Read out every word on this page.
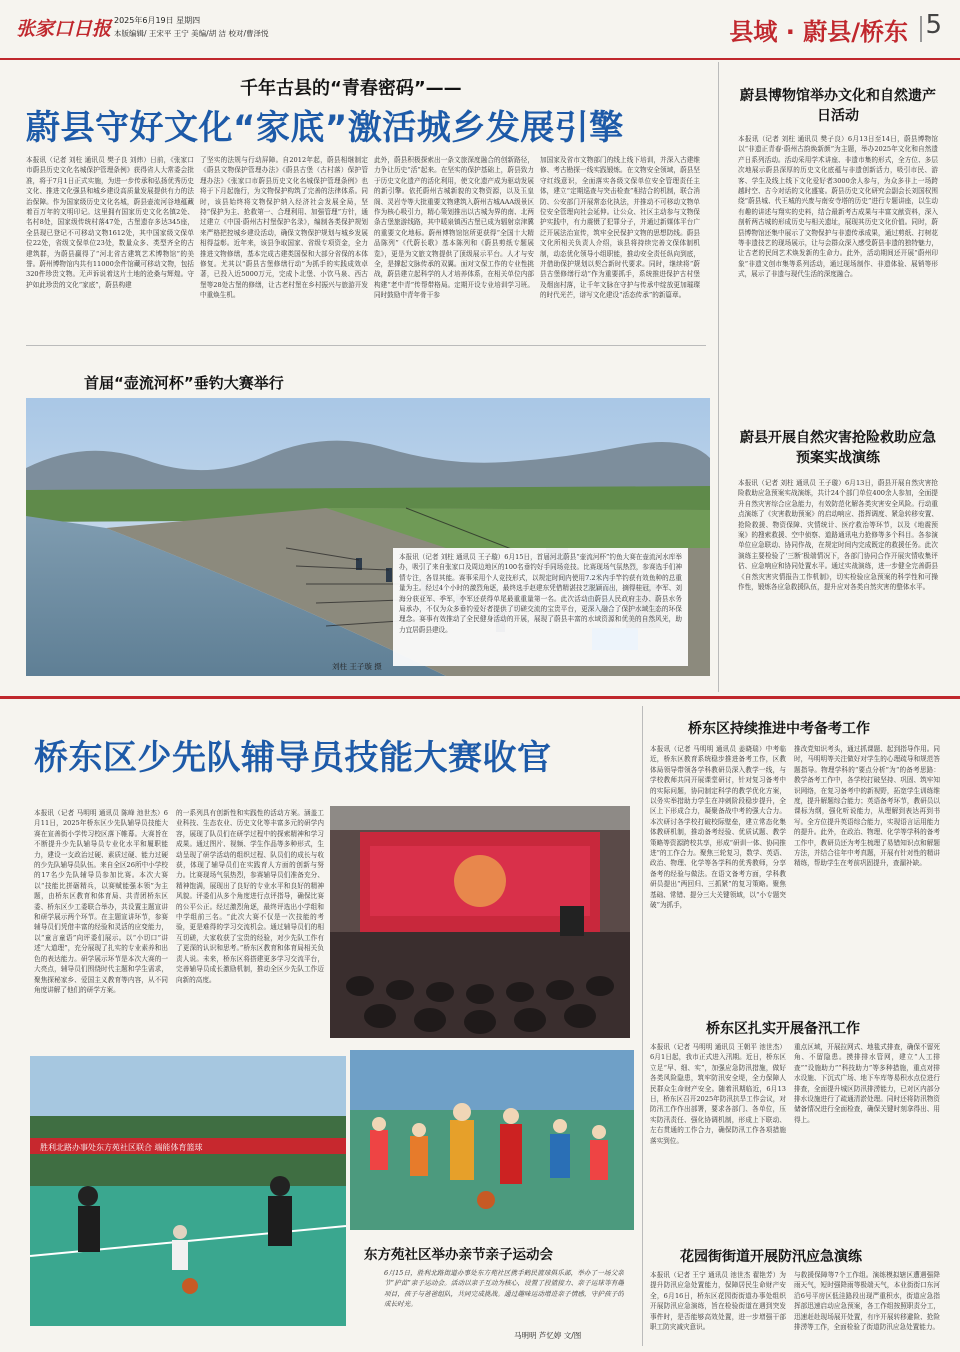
张家口日报 2025年6月19日 星期四
本版编辑/ 王宋平 王宁 美编/胡 洁 校对/曹泽悦	县域 · 蔚县/桥东 5
千年古县的“青春密码”——
蔚县守好文化“家底”激活城乡发展引擎
本报讯（记者 刘柱 通讯员 樊子良 刘炜）日前，《张家口市蔚县历史文化名城保护管理条例》获得省人大常委会批准，将于7月1日正式实施，为进一步传承和弘扬优秀历史文化、推进文化强县和城乡建设高质量发展提供有力的法治保障。作为国家级历史文化名城，蔚县壶流河谷地蕴藏着百万年的文明印记。这里拥有国家历史文化名镇2处、名村8处，国家级传统村落47处，古堡遗存多达345座，全县现已登记不可移动文物1612处，其中国家级文保单位22处，省级文保单位23处，数量众多、类型齐全的古建筑群，为蔚县赢得了“河北省古建筑艺术博物馆”的美誉。蔚州博物馆内共有11000余件馆藏可移动文物，包括320件珍贵文物。无声诉说着这片土地的沧桑与辉煌。守护如此珍贵的文化“家底”，蔚县构建
了坚实的法规与行动屏障。自2012年起，蔚县相继制定《蔚县文物保护管理办法》《蔚县古堡（古村落）保护管理办法》《张家口市蔚县历史文化名城保护管理条例》也将于下月起施行，为文物保护构筑了完善的法律体系。同时，该县始终将文物保护纳入经济社会发展全局，坚持“保护为主、抢救第一、合理利用、加强管理”方针，通过建立《中国·蔚州古村堡保护名录》，编制各类保护规划来严格把控城乡建设活动，确保文物保护规划与城乡发展相得益彰。近年来，该县争取国家、省级专项资金，全力推进文物修缮，基本完成古建类国保和大部分省保的本体修复。尤其以“蔚县古堡修缮行动”为抓手的实践成效卓著，已投入近5000万元，完成卜北堡、小饮马泉、西古堡等28处古堡的修缮，让古老村堡在乡村振兴与旅游开发中重焕生机。
此外，蔚县积极探索出一条文旅深度融合的创新路径，力争让历史“活”起来。在坚实的保护基础上，蔚县致力于历史文化遗产的活化利用，使文化遗产成为驱动发展的新引擎。依托蔚州古城新貌的文物资源，以及玉皇阁、灵岩寺等大批重要文物建筑入蔚州古城AAA级景区作为核心吸引力，精心策划推出以古城为界的南、北两条古堡旅游线路，其中暖泉镇西古堡已成为辐射京津冀的重要文化地标。蔚州博物馆馆所更获得“全国十大精品陈列”《代蔚长歌》基本陈列和《蔚县剪纸专题展览》，更是为文旅文物提供了顶级展示平台。人才与安全，是撑起文脉传承的双翼。面对文保工作的专业性挑战，蔚县建立起科学的人才培养体系，在相关单位内部构建“老中青”传帮带格局。定期开设专业培训学习班。同时鼓励中青年骨干参
加国家及省市文物部门的线上线下培训，并深入古建维修、考古勘探一线实践锻炼。在文物安全领域，蔚县坚守红线意识，全面落实各级文保单位安全管理责任主体，建立“定期巡查与突击检查”相结合的机制，联合消防、公安部门开展常态化执法，并推动不可移动文物单位安全管理向社会延伸。让公众、社区主动参与文物保护实践中，有力震慑了犯罪分子，并通过新媒体平台广泛开展法治宣传，筑牢全民保护文物的思想防线。蔚县文化所相关负责人介绍，该县将持续完善文保体制机制，动态优化领导小组职能，推动安全责任纵向到底，并借助保护规划以契合新时代要求。同时，继续将“蔚县古堡修缮行动”作为重要抓手，系统推进保护古村堡及烟囱村落，让千年文脉在守护与传承中绽放更加璀璨的时代光芒，谱写文化建设“活态传承”的新篇章。
首届“壶流河杯”垂钓大赛举行
本报讯（记者 刘柱 通讯员 王子璇）6月15日，首届河北蔚县“壶流河杯”钓鱼大赛在壶流河水库举办，吸引了来自张家口及周边地区的100名垂钓好手同场竞技。比赛现场气氛热烈，参赛选手们神情专注，各显其能。赛事采用个人竞技形式，以规定时间内使用7.2米内手竿钓获有效鱼种的总重量为主。经过4个小时的激烈角逐，最终选手赵建东凭借精湛技艺脱颖而出，摘得桂冠，李军、刘海分获亚军、季军，李军还获得单尾最重重量第一名。此次活动由蔚县人民政府主办、蔚县水务局承办，不仅为众多垂钓爱好者提供了切磋交流的宝贵平台，更深入融合了保护水域生态的环保理念。赛事有效推动了全民健身活动的开展，展现了蔚县丰富的水域资源和优美的自然风光，助力宜居蔚县建设。
刘柱 王子璇 摄
蔚县博物馆举办文化和自然遗产日活动
本报讯（记者 刘柱 通讯员 樊子良）6月13日至14日，蔚县博物馆以“非遗正青春·蔚州古韵焕新颜”为主题，举办2025年文化和自然遗产日系列活动。活动采用学术讲座、非遗市集的形式，全方位、多层次地展示蔚县深厚的历史文化底蕴与非遗创新活力，吸引市民、游客、学生及线上线下文化爱好者3000余人参与，为众多非上一场跨越时空、古今对话的文化盛宴。蔚县历史文化研究会副会长刘国权围绕“蔚县城、代王城的兴废与南安寺塔的历史”进行专题讲座，以生动有趣的讲述与翔实的史料，结合最新考古成果与丰富文献资料，深入剖析两古城的形成历史与相关遗址，展现其历史文化价值。同时，蔚县博物馆还集中展示了文物保护与非遗传承成果，通过剪纸、打树花等非遗技艺的现场展示，让与会群众深入感受蔚县非遗的独特魅力，让古老的民间艺术焕发新的生命力。此外，活动期间还开展“蔚州印象”非遗文创市集等系列活动，通过现场制作、非遗体验、展销等形式，展示了非遗与现代生活的深度融合。
蔚县开展自然灾害抢险救助应急预案实战演练
本报讯（记者 刘柱 通讯员 王子璇）6月13日，蔚县开展自然灾害抢险救助应急预案实战演练，共计24个部门单位400余人参加，全面提升自然灾害综合应急能力，有效防范化解各类灾害安全风险。行动重点演练了《灾害救助预案》的启动响应、指挥调度、紧急转移安置、抢险救援、物资保障、灾情统计、医疗救治等环节，以及《地震预案》的搜索救援、空中侦察、道路通讯电力抢修等多个科目。各参演单位应急联动、协同作战，在规定时间内完成既定的救援任务。此次演练主要检验了‘三断’极端情况下，各部门协同合作开展灾情收集评估、应急响应和协同处置水平。通过实战演练，进一步健全完善蔚县《自然灾害灾情报告工作机制》，切实检验应急预案的科学性和可操作性，锻炼各应急救援队伍，提升应对各类自然灾害的整体水平。
桥东区少先队辅导员技能大赛收官
本报讯（记者 马明明 通讯员 陈峰 池世杰）6月11日，2025年桥东区少先队辅导员技能大赛在宣善街小学传习校区落下帷幕。大赛旨在不断提升少先队辅导员专业化水平和履职能力，建设一支政治过硬、素质过硬、能力过硬的少先队辅导员队伍。来自全区26所中小学校的17名少先队辅导员参加比赛。本次大赛以“技能比拼砺精兵，以赛赋能强本领”为主题，由桥东区教育和体育局、共青团桥东区委、桥东区少工委联合举办，共设置主题宣讲和研学展示两个环节。在主题宣讲环节，参赛辅导员们凭借丰富的经验和灵活的应变能力，以“童言童语”向评委们展示。以“小切口”讲述“大道理”，充分展现了扎实的专业素养和出色的表达能力。研学展示环节是本次大赛的一大亮点，辅导员们围绕时代主题和学生需求，聚焦探秘家乡、爱国主义教育等内容，从不同角度讲解了他们的研学方案。
的一系列具有创新性和实践性的活动方案。涵盖工业科技、生态农业、历史文化等丰富多元的研学内容，展现了队员们在研学过程中的探索精神和学习成果。通过图片、视频、学生作品等多种形式，生动呈现了研学活动的组织过程、队员们的成长与收获，体现了辅导员们在实践育人方面的创新与努力。比赛现场气氛热烈，参赛辅导员们准备充分、精神饱满，展现出了良好的专业水平和良好的精神风貌。评委们从多个角度进行点评指导，确保比赛的公平公正。经过激烈角逐，最终评选出小学组和中学组前三名。“此次大赛不仅是一次技能的考验，更是难得的学习交流机会。通过辅导员们的相互切磋，大家收获了宝贵的经验，对少先队工作有了更深的认识和思考。”桥东区教育和体育局相关负责人说。未来，桥东区将搭建更多学习交流平台，完善辅导员成长激励机制，推动全区少先队工作迈向新的高度。
胜利北路办事处东方苑社区联合 端能体育篮球
东方苑社区举办亲节亲子运动会
6月15日，胜利北路街道办事处东方苑社区携手鹤民篮球俱乐部，举办了一场父亲节“护苗”亲子运动会。活动以亲子互动为核心，设置了投篮接力、亲子运球等有趣项目，孩子与爸爸组队，共同完成挑战。通过趣味运动增进亲子情感，守护孩子的成长时光。
马明明 芦忆婷 文/图
桥东区持续推进中考备考工作
本报讯（记者 马明明 通讯员 姜晓瑞）中考临近，桥东区教育系统稳步推进备考工作，区教体局领导带领各学科教研员深入教学一线，与学校教师共同开展课堂研讨，针对复习备考中的实际问题，协同制定科学的教学优化方案，以务实举措助力学生在冲刺阶段稳步提升，全区上下形成合力，凝聚备战中考的强大合力。本次研讨各学校打破校际壁垒，建立常态化集体教研机制，推动备考经验、优质试题、教学策略等资源跨校共享，形成“研训一体、协同推进”的工作合力。聚焦三轮复习，数学、英语、政治、物理、化学等各学科的优秀教师，分享备考的经验与做法。在语文备考方面，学科教研员提出“两回归、三抓紧”的复习策略。聚焦基础、常错、提分三大关键领域，以“小专题突破”为抓手，
推改党知识考头，通过抓课题、起到指导作用。同时，马明明等关注做好对学生的心理疏导和规范答题指导。物理学科的“要点分析”为“的备考思路：教学备考工作中，各学校打破坚持、巩固、筑牢知识网络，在复习备考中的新视野，拓宽学生训练维度，提升解题综合能力；英语备考环节，教研员以课标为纲，强化听说能力，从理解到表达再到书写。全方位提升英语综合能力，实现语言运用能力的提升。此外，在政治、物理、化学等学科的备考工作中，教研员还为考生梳理了易错知识点和解题方法，并结合往年中考真题，开展有针对性的精讲精练，帮助学生在考前巩固提升，查漏补缺。
桥东区扎实开展备汛工作
本报讯（记者 马明明 通讯员 王朝平 池世杰）6月1日起，我市正式进入汛期。近日，桥东区立足“早、细、实”，加强应急防汛措施，做好各类风险隐患，筑牢防汛安全堤，全力保障人民群众生命财产安全。随着汛期临近，6月13日，桥东区召开2025年防汛抗旱工作会议，对防汛工作作出部署，要求各部门、各单位，压实防汛责任、强化协调机制，形成上下联动、左右贯通的工作合力，确保防汛工作各项措施落实到位。
重点区域，开展拉网式、地毯式排查，确保不留死角、不留隐患。摸排排水管网，建立“人工排查”“设施助力”“科技助力”等多种措施，重点对排水设施、下沉式广场、地下车库等易积水点位进行排查，全面提升城区防汛排涝能力，已对区内部分排水设施进行了疏通清淤处理。同时还将防汛物资储备情况进行全面检查，确保关键时刻拿得出、用得上。
花园街街道开展防汛应急演练
本报讯（记者 王宁 通讯员 池世杰 翟艳芳）为提升防汛应急处置能力，保障居民生命财产安全，6月16日，桥东区花园街街道办事处组织开展防汛应急演练，旨在检验街道在遇到突发事件时，是否能够高效处置，进一步增强干部职工防灾减灾意识。
与救援保障等7个工作组。演练模拟辖区遭遇强降雨天气，短时强降雨等极端天气，本业街街口东河沿6号平房区低洼路段出现严重积水，街道应急指挥部迅速启动应急预案，各工作组按照职责分工，迅速赶赴现场展开处置，有序开展转移避险、抢险排涝等工作，全面检验了街道防汛应急处置能力。
